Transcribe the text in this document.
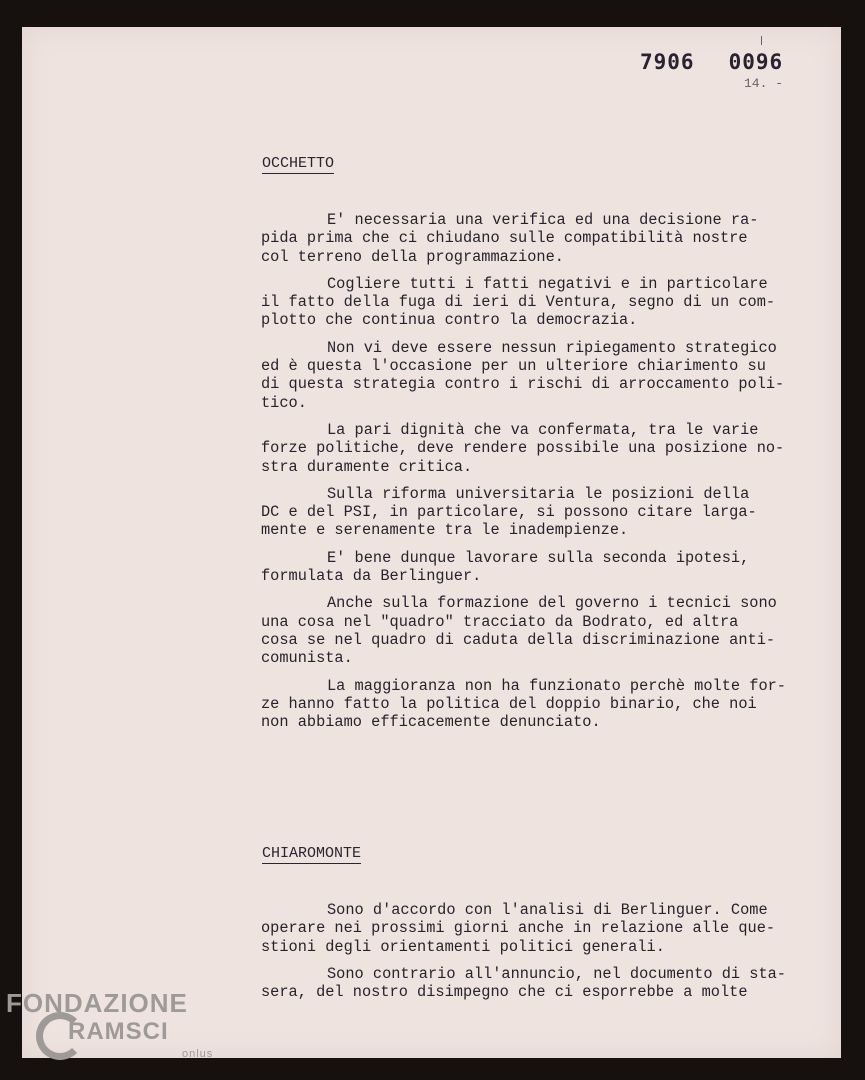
7906 0096
14. -
OCCHETTO

E' necessaria una verifica ed una decisione ra-
pida prima che ci chiudano sulle compatibilità nostre
col terreno della programmazione.

Cogliere tutti i fatti negativi e in particolare
il fatto della fuga di ieri di Ventura, segno di un com-
plotto che continua contro la democrazia.

Non vi deve essere nessun ripiegamento strategico
ed è questa l'occasione per un ulteriore chiarimento su
di questa strategia contro i rischi di arroccamento poli-
tico.

La pari dignità che va confermata, tra le varie
forze politiche, deve rendere possibile una posizione no-
stra duramente critica.

Sulla riforma universitaria le posizioni della
DC e del PSI, in particolare, si possono citare larga-
mente e serenamente tra le inadempienze.

E' bene dunque lavorare sulla seconda ipotesi,
formulata da Berlinguer.

Anche sulla formazione del governo i tecnici sono
una cosa nel "quadro" tracciato da Bodrato, ed altra
cosa se nel quadro di caduta della discriminazione anti-
comunista.

La maggioranza non ha funzionato perchè molte for-
ze hanno fatto la politica del doppio binario, che noi
non abbiamo efficacemente denunciato.

CHIAROMONTE

Sono d'accordo con l'analisi di Berlinguer. Come
operare nei prossimi giorni anche in relazione alle que-
stioni degli orientamenti politici generali.

Sono contrario all'annuncio, nel documento di sta-
sera, del nostro disimpegno che ci esporrebbe a molte

FONDAZIONE
RAMSCI
onlus
